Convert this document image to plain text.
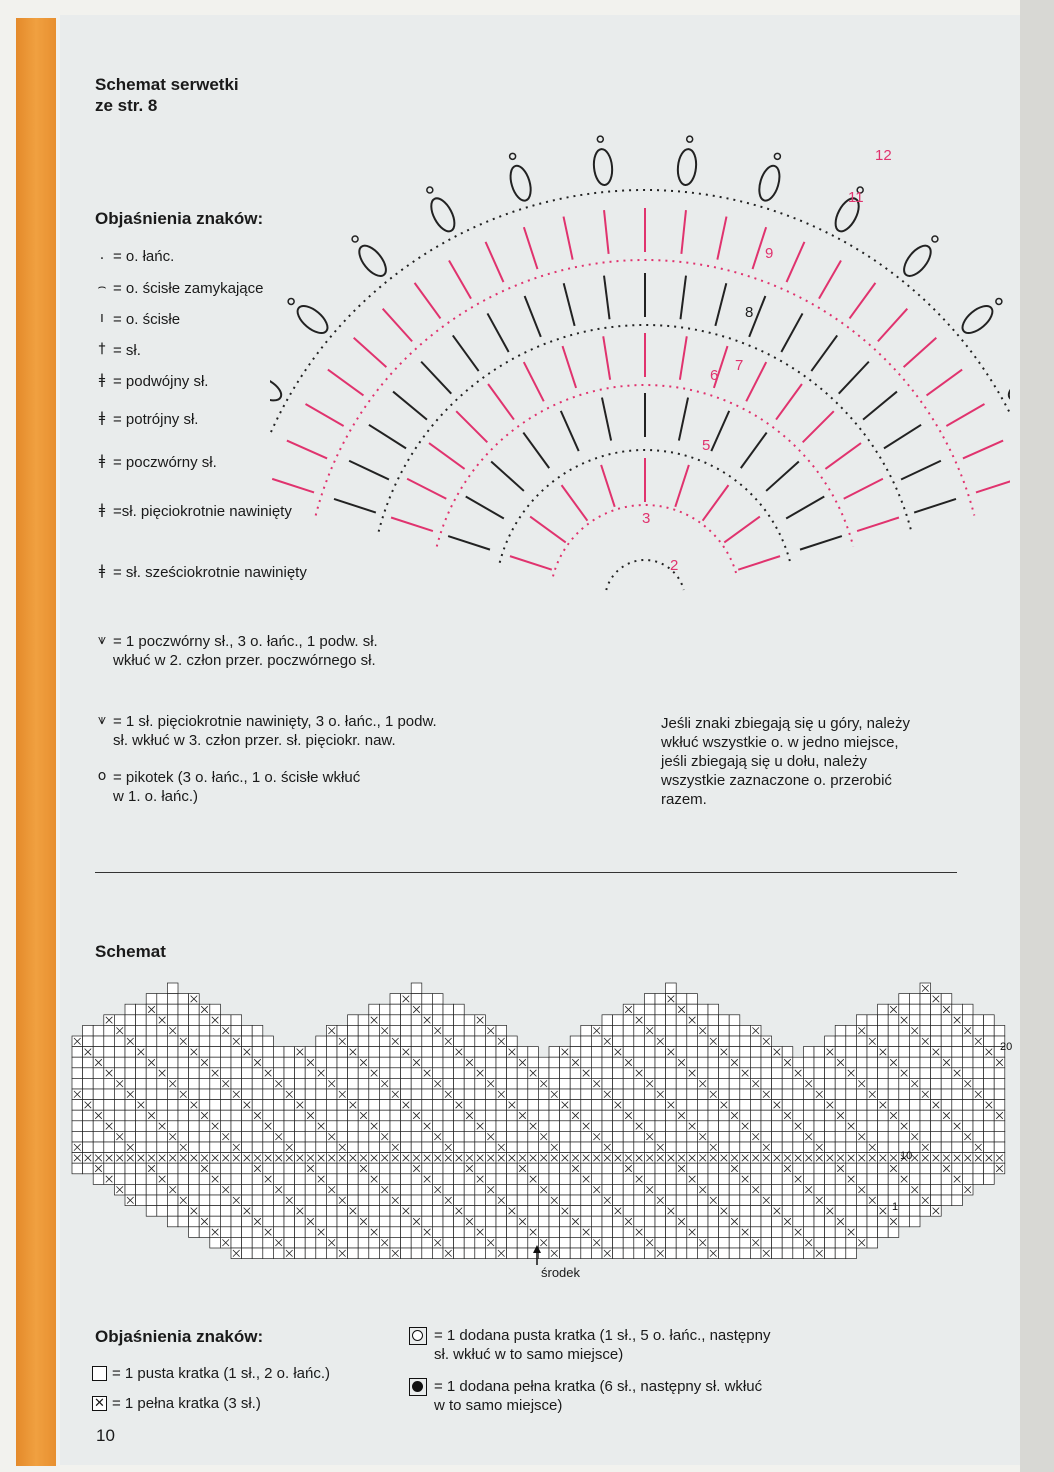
Schemat serwetki
ze str. 8
Objaśnienia znaków:
. = o. łańc.
⌢ = o. ścisłe zamykające
ı = o. ścisłe
† = sł.
ǂ = podwójny sł.
ǂ = potrójny sł.
ǂ = poczwórny sł.
ǂ =sł. pięciokrotnie nawinięty
ǂ = sł. sześciokrotnie nawinięty
⩛ = 1 poczwórny sł., 3 o. łańc., 1 podw. sł.
wkłuć w 2. człon przer. poczwórnego sł.
⩛ = 1 sł. pięciokrotnie nawinięty, 3 o. łańc., 1 podw.
sł. wkłuć w 3. człon przer. sł. pięciokr. naw.
o = pikotek (3 o. łańc., 1 o. ścisłe wkłuć
w 1. o. łańc.)
2
3
5
6
7
8
9
11
12
Jeśli znaki zbiegają się u góry, należy
wkłuć wszystkie o. w jedno miejsce,
jeśli zbiegają się u dołu, należy
wszystkie zaznaczone o. przerobić
razem.
Schemat
1
10
20
środek
Objaśnienia znaków:
= 1 pusta kratka (1 sł., 2 o. łańc.)
✕ = 1 pełna kratka (3 sł.)
= 1 dodana pusta kratka (1 sł., 5 o. łańc., następny
sł. wkłuć w to samo miejsce)
= 1 dodana pełna kratka (6 sł., następny sł. wkłuć
w to samo miejsce)
10
